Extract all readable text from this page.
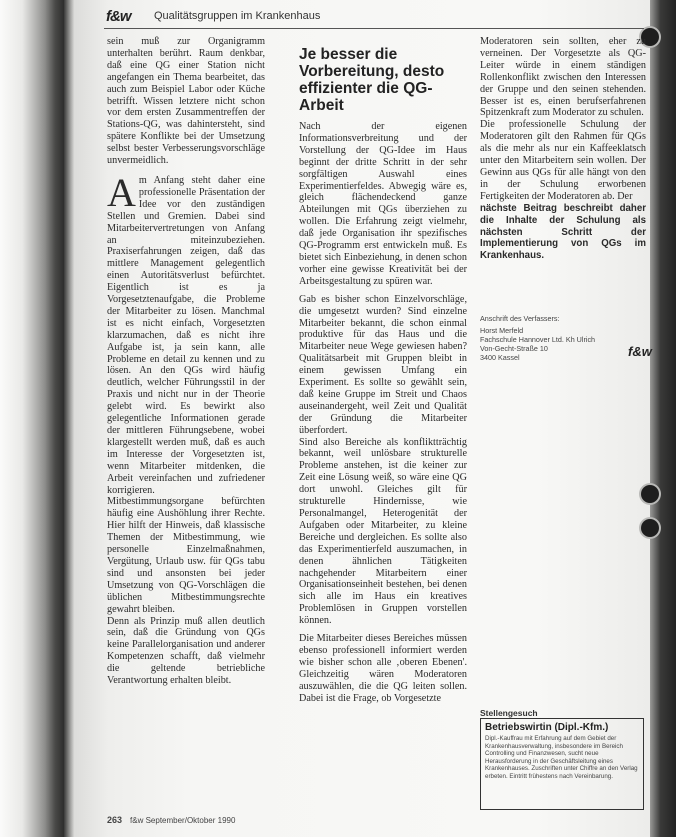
f&w Qualitätsgruppen im Krankenhaus

sein muß zur Organigramm unterhalten berührt. Raum denkbar, daß eine QG einer Station nicht angefangen ein Thema bearbeitet, das auch zum Beispiel Labor oder Küche betrifft. Wissen letztere nicht schon vor dem ersten Zusammentreffen der Stations-QG, was dahintersteht, sind spätere Konflikte bei der Umsetzung selbst bester Verbesserungsvorschläge unvermeidlich.

Am Anfang steht daher eine professionelle Präsentation der Idee vor den zuständigen Stellen und Gremien. Dabei sind Mitarbeitervertretungen von Anfang an miteinzubeziehen. Praxiserfahrungen zeigen, daß das mittlere Management gelegentlich einen Autoritätsverlust befürchtet. Eigentlich ist es ja Vorgesetztenaufgabe, die Probleme der Mitarbeiter zu lösen. Manchmal ist es nicht einfach, Vorgesetzten klarzumachen, daß es nicht ihre Aufgabe ist, ja sein kann, alle Probleme en detail zu kennen und zu lösen. An den QGs wird häufig deutlich, welcher Führungsstil in der Praxis und nicht nur in der Theorie gelebt wird. Es bewirkt also gelegentliche Informationen gerade der mittleren Führungsebene, wobei klargestellt werden muß, daß es auch im Interesse der Vorgesetzten ist, wenn Mitarbeiter mitdenken, die Arbeit vereinfachen und zufriedener korrigieren.

Mitbestimmungsorgane befürchten häufig eine Aushöhlung ihrer Rechte. Hier hilft der Hinweis, daß klassische Themen der Mitbestimmung, wie personelle Einzelmaßnahmen, Vergütung, Urlaub usw. für QGs tabu sind und ansonsten bei jeder Umsetzung von QG-Vorschlägen die üblichen Mitbestimmungsrechte gewahrt bleiben.

Denn als Prinzip muß allen deutlich sein, daß die Gründung von QGs keine Parallelorganisation und anderer Kompetenzen schafft, daß vielmehr die geltende betriebliche Verantwortung erhalten bleibt.

Je besser die Vorbereitung, desto effizienter die QG-Arbeit

Nach der eigenen Informationsverbreitung und der Vorstellung der QG-Idee im Haus beginnt der dritte Schritt in der sehr sorgfältigen Auswahl eines Experimentierfeldes. Abwegig wäre es, gleich flächendeckend ganze Abteilungen mit QGs überziehen zu wollen. Die Erfahrung zeigt vielmehr, daß jede Organisation ihr spezifisches QG-Programm erst entwickeln muß. Es bietet sich Einbeziehung, in denen schon vorher eine gewisse Kreativität bei der Arbeitsgestaltung zu spüren war.

Gab es bisher schon Einzelvorschläge, die umgesetzt wurden? Sind einzelne Mitarbeiter bekannt, die schon einmal produktive für das Haus und die Mitarbeiter neue Wege gewiesen haben? Qualitätsarbeit mit Gruppen bleibt in einem gewissen Umfang ein Experiment. Es sollte so gewählt sein, daß keine Gruppe im Streit und Chaos auseinandergeht, weil Zeit und Qualität der Gründung die Mitarbeiter überfordert.

Sind also Bereiche als konfliktträchtig bekannt, weil unlösbare strukturelle Probleme anstehen, ist die keiner zur Zeit eine Lösung weiß, so wäre eine QG dort unwohl. Gleiches gilt für strukturelle Hindernisse, wie Personalmangel, Heterogenität der Aufgaben oder Mitarbeiter, zu kleine Bereiche und dergleichen. Es sollte also das Experimentierfeld auszumachen, in denen ähnlichen Tätigkeiten nachgehender Mitarbeitern einer Organisationseinheit bestehen, bei denen sich alle im Haus ein kreatives Problemlösen in Gruppen vorstellen können.

Die Mitarbeiter dieses Bereiches müssen ebenso professionell informiert werden wie bisher schon alle ‚oberen Ebenen'. Gleichzeitig wären Moderatoren auszuwählen, die die QG leiten sollen. Dabei ist die Frage, ob Vorgesetzte

Moderatoren sein sollten, eher zu verneinen. Der Vorgesetzte als QG-Leiter würde in einem ständigen Rollenkonflikt zwischen den Interessen der Gruppe und den seinen stehenden. Besser ist es, einen berufserfahrenen Spitzenkraft zum Moderator zu schulen.

Die professionelle Schulung der Moderatoren gilt den Rahmen für QGs als die mehr als nur ein Kaffeeklatsch unter den Mitarbeitern sein wollen. Der Gewinn aus QGs für alle hängt von den in der Schulung erworbenen Fertigkeiten der Moderatoren ab. Der

nächste Beitrag beschreibt daher die Inhalte der Schulung als nächsten Schritt der Implementierung von QGs im Krankenhaus.

Anschrift des Verfassers:
Horst Merfeld
Fachschule Hannover Ltd. Kh Ulrich
Von-Gecht-Straße 10
3400 Kassel	f&w
Stellengesuch
Betriebswirtin (Dipl.-Kfm.)
Dipl.-Kauffrau mit Erfahrung auf dem Gebiet der Krankenhausverwaltung, insbesondere im Bereich Controlling und Finanzwesen, sucht neue Herausforderung in der Geschäftsleitung eines Krankenhauses. Zuschriften unter Chiffre an den Verlag erbeten. Eintritt frühestens nach Vereinbarung.
263 f&w September/Oktober 1990
